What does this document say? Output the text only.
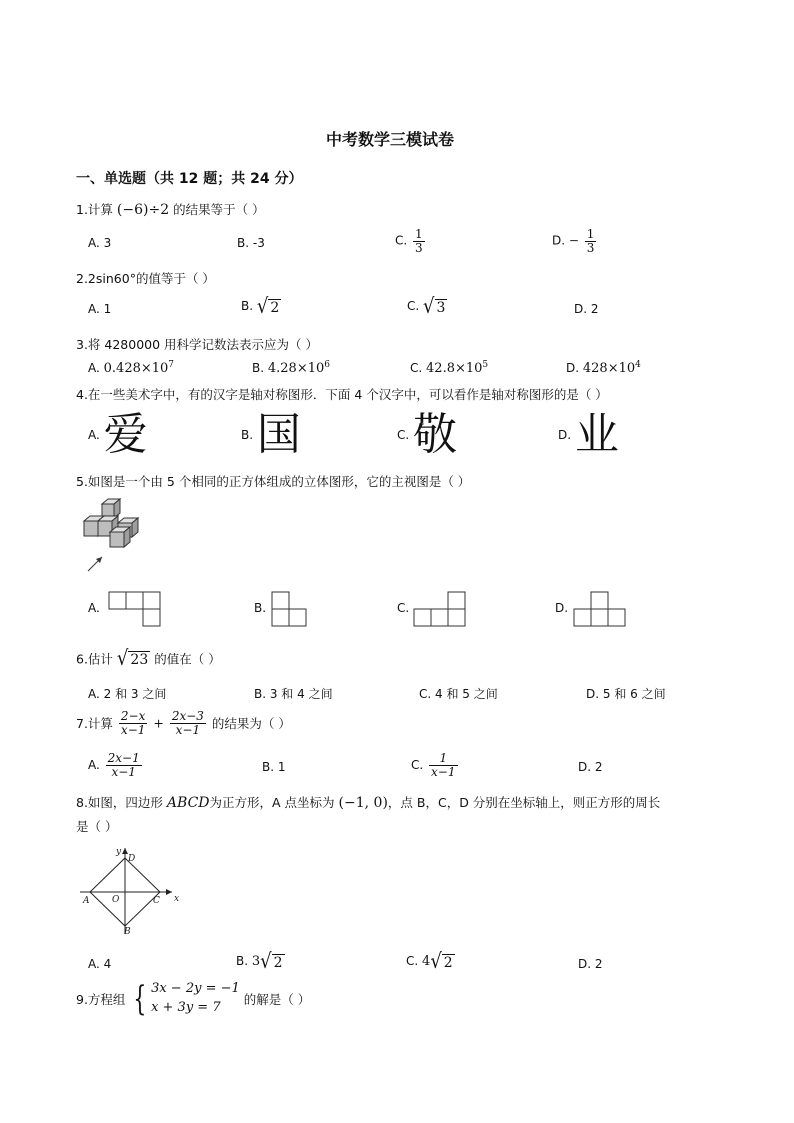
中考数学三模试卷
一、单选题（共 12 题；共 24 分）
1.计算 (−6)÷2 的结果等于（ ）
A. 3	B. -3	C. $\frac{1}{3}$	D. − $\frac{1}{3}$
2.2sin60°的值等于（ ）
A. 1	B. √ 2	C. √ 3	D. 2
3.将 4280000 用科学记数法表示应为（ ）
A. $0.428\times 10^7$	B. $4.28\times 10^6$	C. $42.8\times 10^5$	D. $428\times 10^4$
4.在一些美术字中，有的汉字是轴对称图形．下面 4 个汉字中，可以看作是轴对称图形的是（ ）
A. 爱	B. 国	C. 敬	D. 业
5.如图是一个由 5 个相同的正方体组成的立体图形，它的主视图是（ ）
A.	B.	C.	D.
6.估计 √ 23 的值在（ ）
A. 2 和 3 之间	B. 3 和 4 之间	C. 4 和 5 之间	D. 5 和 6 之间
7.计算 $\frac{2-x}{x-1} + \frac{2x-3}{x-1}$ 的结果为（ ）
A. $\frac{2x-1}{x-1}$	B. 1	C. $\frac{1}{x-1}$	D. 2
8.如图，四边形 ABCD为正方形，A 点坐标为 (−1, 0)，点 B，C，D 分别在坐标轴上，则正方形的周长
是（ ）
y
D
x
A	O	C
B
A. 4	B. 3√ 2	C. 4√ 2	D. 2
9.方程组 { 3x − 2y = −1
x + 3y = 7
的解是（ ）
